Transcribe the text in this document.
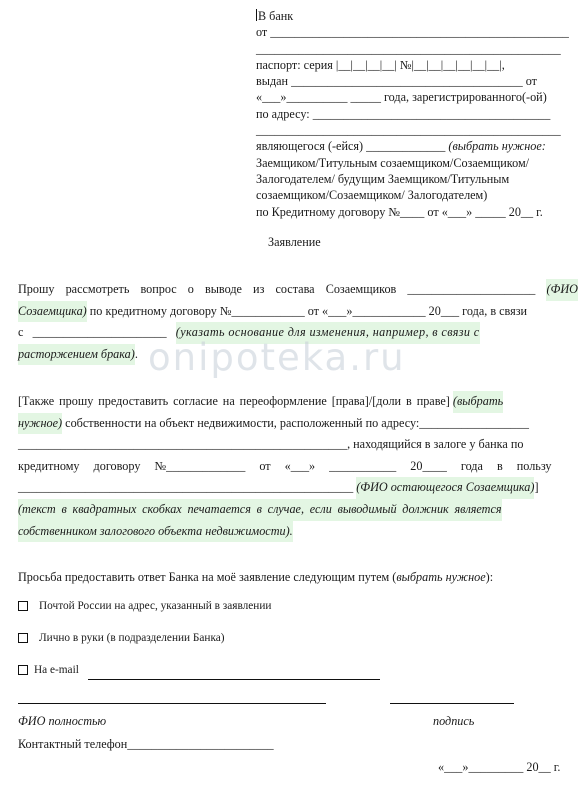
В банк
от _________________________________________________
__________________________________________________
паспорт: серия |__|__|__|__| №|__|__|__|__|__|__|,
выдан ______________________________________ от
«___»__________ _____ года, зарегистрированного(-ой)
по адресу: _______________________________________
__________________________________________________
являющегося (-ейся) _____________ (выбрать нужное:
Заемщиком/Титульным созаемщиком/Созаемщиком/
Залогодателем/ будущим Заемщиком/Титульным
созаемщиком/Созаемщиком/ Залогодателем)
по Кредитному договору №____ от «___» _____ 20__ г.
Заявление
Прошу рассмотреть вопрос о выводе из состава Созаемщиков _____________________ (ФИО
Созаемщика)
по кредитному договору №____________ от «___»____________ 20___ года, в связи
с
______________________
(указать основание для изменения, например, в связи с
расторжением брака) . onipoteka.ru
[Также прошу предоставить согласие на переоформление [права]/[доли в праве]
(выбрать
нужное)
собственности на объект недвижимости, расположенный по адресу:__________________
______________________________________________________, находящийся в залоге у банка по
кредитному договору №_____________ от «___» ___________ 20____ года в пользу
_______________________________________________________
(ФИО остающегося Созаемщика) ]
(текст в квадратных скобках печатается в случае, если выводимый должник является
собственником залогового объекта недвижимости).
Просьба предоставить ответ Банка на моё заявление следующим путем (выбрать нужное):
Почтой России на адрес, указанный в заявлении
Лично в руки (в подразделении Банка)
На e-mail
ФИО полностью	подпись
Контактный телефон________________________
«___»_________ 20__ г.
